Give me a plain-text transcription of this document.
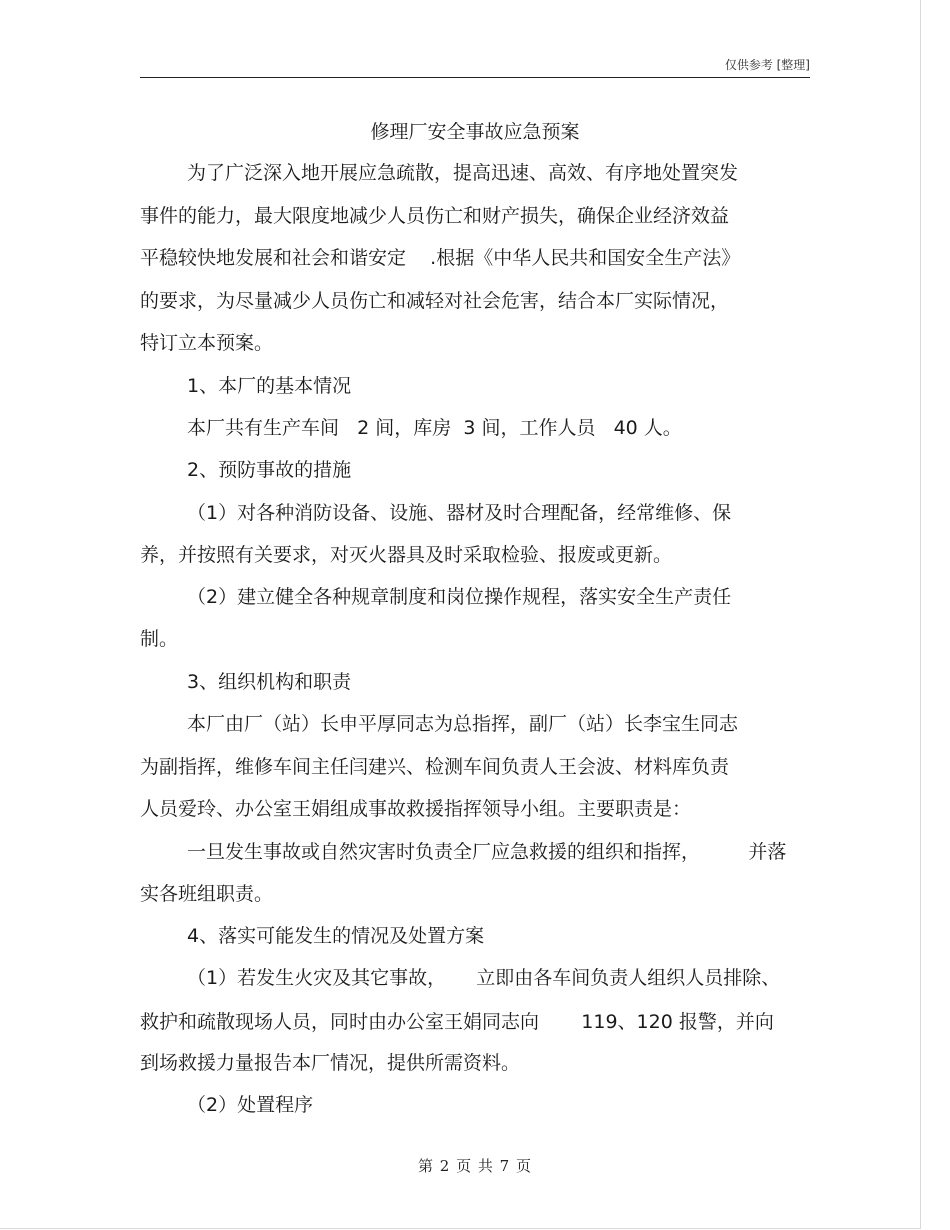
仅供参考 [整理]
修理厂安全事故应急预案
为了广泛深入地开展应急疏散，提高迅速、高效、有序地处置突发
事件的能力，最大限度地减少人员伤亡和财产损失，确保企业经济效益
平稳较快地发展和社会和谐安定    .根据《中华人民共和国安全生产法》
的要求，为尽量减少人员伤亡和减轻对社会危害，结合本厂实际情况，
特订立本预案。
1、本厂的基本情况
本厂共有生产车间   2 间，库房  3 间，工作人员   40 人。
2、预防事故的措施
（1）对各种消防设备、设施、器材及时合理配备，经常维修、保
养，并按照有关要求，对灭火器具及时采取检验、报废或更新。
（2）建立健全各种规章制度和岗位操作规程，落实安全生产责任
制。
3、组织机构和职责
本厂由厂（站）长申平厚同志为总指挥，副厂（站）长李宝生同志
为副指挥，维修车间主任闫建兴、检测车间负责人王会波、材料库负责
人员爱玲、办公室王娟组成事故救援指挥领导小组。主要职责是：
一旦发生事故或自然灾害时负责全厂应急救援的组织和指挥，        并落
实各班组职责。
4、落实可能发生的情况及处置方案
（1）若发生火灾及其它事故，     立即由各车间负责人组织人员排除、
救护和疏散现场人员，同时由办公室王娟同志向       119、120 报警，并向
到场救援力量报告本厂情况，提供所需资料。
（2）处置程序
第 2 页 共 7 页
